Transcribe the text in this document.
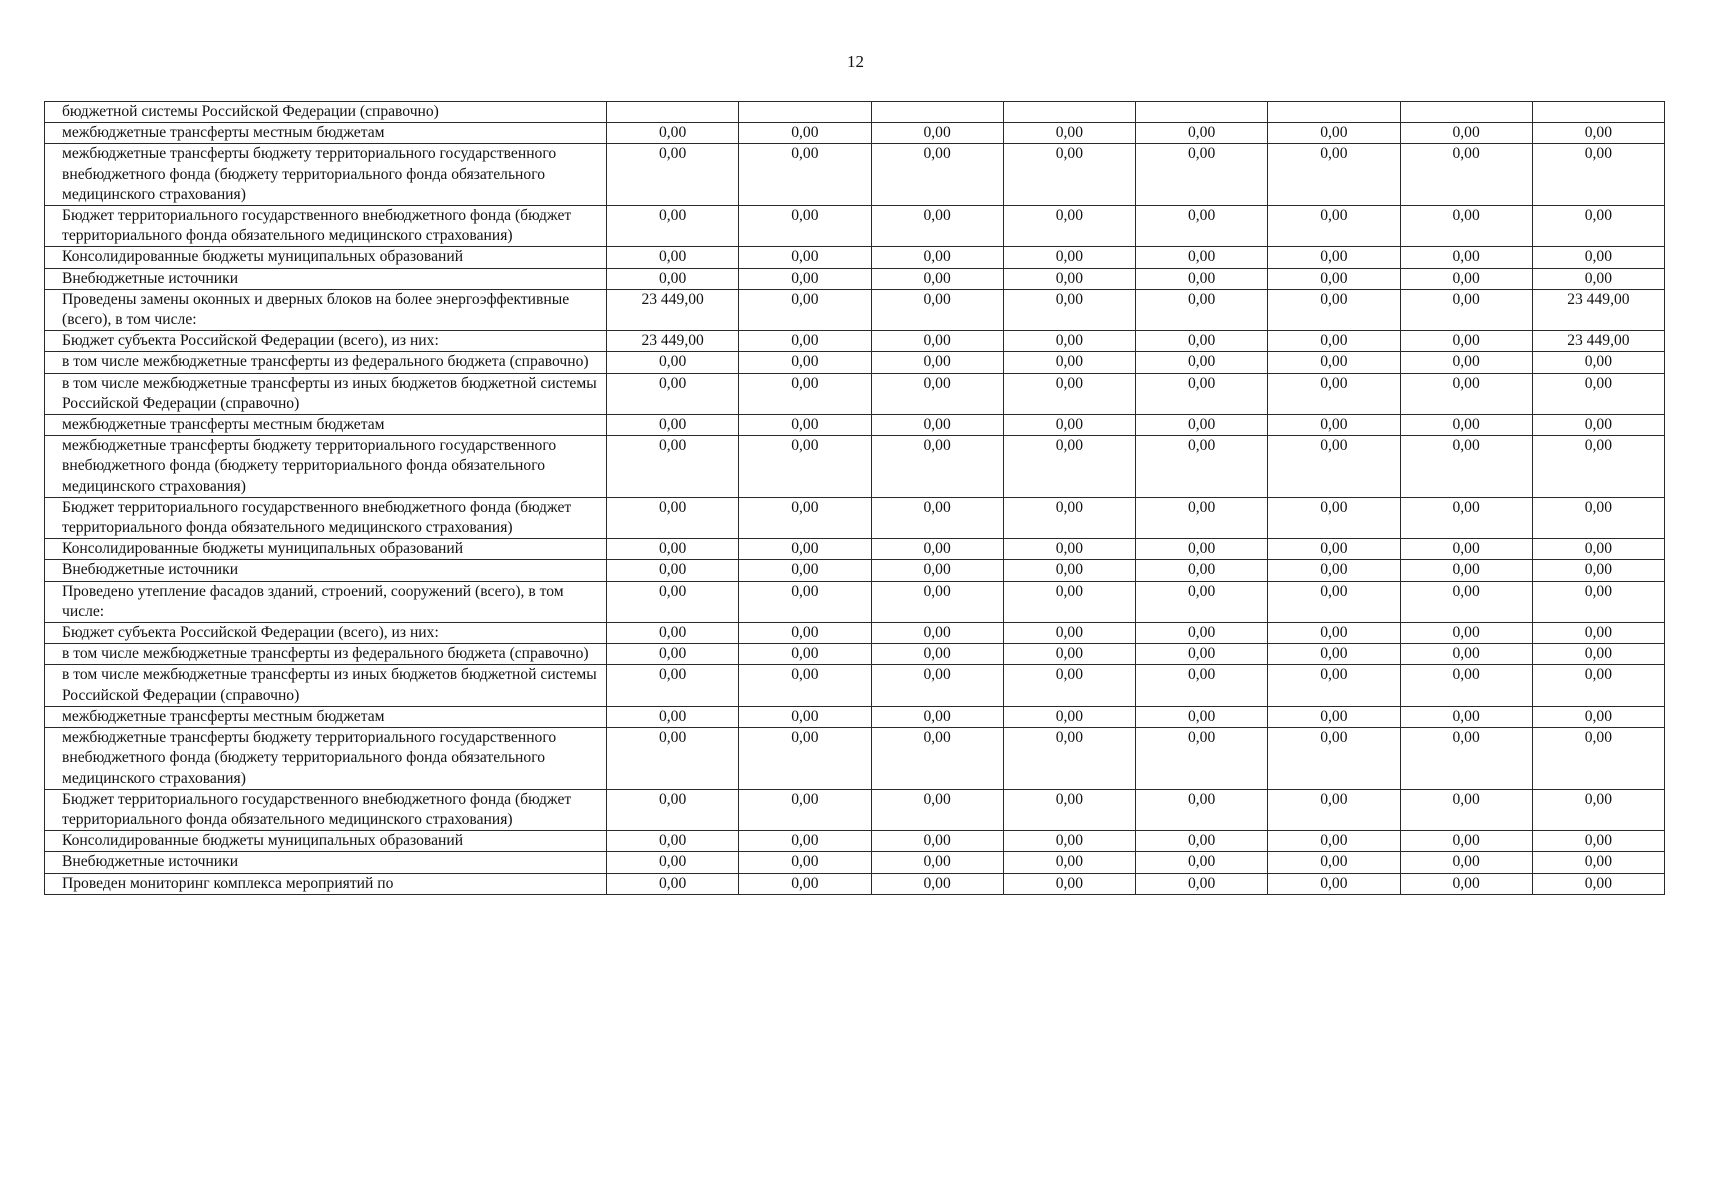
12
бюджетной системы Российской Федерации (справочно)								
межбюджетные трансферты местным бюджетам	0,00	0,00	0,00	0,00	0,00	0,00	0,00	0,00
межбюджетные трансферты бюджету территориального государственного внебюджетного фонда (бюджету территориального фонда обязательного медицинского страхования)	0,00	0,00	0,00	0,00	0,00	0,00	0,00	0,00
Бюджет территориального государственного внебюджетного фонда (бюджет территориального фонда обязательного медицинского страхования)	0,00	0,00	0,00	0,00	0,00	0,00	0,00	0,00
Консолидированные бюджеты муниципальных образований	0,00	0,00	0,00	0,00	0,00	0,00	0,00	0,00
Внебюджетные источники	0,00	0,00	0,00	0,00	0,00	0,00	0,00	0,00
Проведены замены оконных и дверных блоков на более энергоэффективные (всего), в том числе:	23 449,00	0,00	0,00	0,00	0,00	0,00	0,00	23 449,00
Бюджет субъекта Российской Федерации (всего), из них:	23 449,00	0,00	0,00	0,00	0,00	0,00	0,00	23 449,00
в том числе межбюджетные трансферты из федерального бюджета (справочно)	0,00	0,00	0,00	0,00	0,00	0,00	0,00	0,00
в том числе межбюджетные трансферты из иных бюджетов бюджетной системы Российской Федерации (справочно)	0,00	0,00	0,00	0,00	0,00	0,00	0,00	0,00
межбюджетные трансферты местным бюджетам	0,00	0,00	0,00	0,00	0,00	0,00	0,00	0,00
межбюджетные трансферты бюджету территориального государственного внебюджетного фонда (бюджету территориального фонда обязательного медицинского страхования)	0,00	0,00	0,00	0,00	0,00	0,00	0,00	0,00
Бюджет территориального государственного внебюджетного фонда (бюджет территориального фонда обязательного медицинского страхования)	0,00	0,00	0,00	0,00	0,00	0,00	0,00	0,00
Консолидированные бюджеты муниципальных образований	0,00	0,00	0,00	0,00	0,00	0,00	0,00	0,00
Внебюджетные источники	0,00	0,00	0,00	0,00	0,00	0,00	0,00	0,00
Проведено утепление фасадов зданий, строений, сооружений (всего), в том числе:	0,00	0,00	0,00	0,00	0,00	0,00	0,00	0,00
Бюджет субъекта Российской Федерации (всего), из них:	0,00	0,00	0,00	0,00	0,00	0,00	0,00	0,00
в том числе межбюджетные трансферты из федерального бюджета (справочно)	0,00	0,00	0,00	0,00	0,00	0,00	0,00	0,00
в том числе межбюджетные трансферты из иных бюджетов бюджетной системы Российской Федерации (справочно)	0,00	0,00	0,00	0,00	0,00	0,00	0,00	0,00
межбюджетные трансферты местным бюджетам	0,00	0,00	0,00	0,00	0,00	0,00	0,00	0,00
межбюджетные трансферты бюджету территориального государственного внебюджетного фонда (бюджету территориального фонда обязательного медицинского страхования)	0,00	0,00	0,00	0,00	0,00	0,00	0,00	0,00
Бюджет территориального государственного внебюджетного фонда (бюджет территориального фонда обязательного медицинского страхования)	0,00	0,00	0,00	0,00	0,00	0,00	0,00	0,00
Консолидированные бюджеты муниципальных образований	0,00	0,00	0,00	0,00	0,00	0,00	0,00	0,00
Внебюджетные источники	0,00	0,00	0,00	0,00	0,00	0,00	0,00	0,00
Проведен мониторинг комплекса мероприятий по	0,00	0,00	0,00	0,00	0,00	0,00	0,00	0,00
